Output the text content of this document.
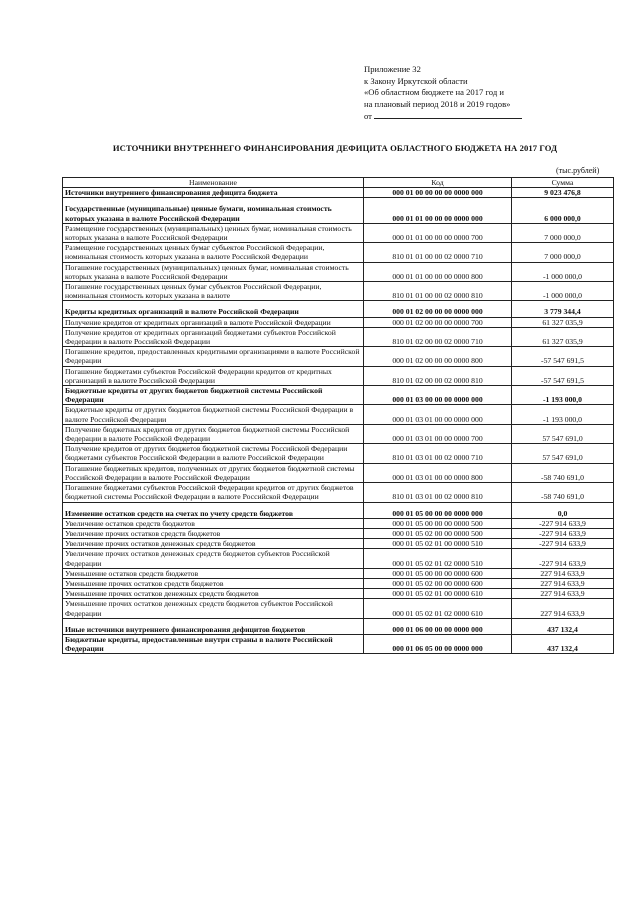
Приложение 32
к Закону Иркутской области
«Об областном бюджете на 2017 год и
на плановый период 2018 и 2019 годов»
от
ИСТОЧНИКИ ВНУТРЕННЕГО ФИНАНСИРОВАНИЯ ДЕФИЦИТА ОБЛАСТНОГО БЮДЖЕТА НА 2017 ГОД
(тыс.рублей)
Наименование	Код	Сумма
Источники внутреннего финансирования дефицита бюджета	000 01 00 00 00 00 0000 000	9 023 476,8
Государственные (муниципальные) ценные бумаги, номинальная стоимость которых указана в валюте Российской Федерации	000 01 01 00 00 00 0000 000	6 000 000,0
Размещение государственных (муниципальных) ценных бумаг, номинальная стоимость которых указана в валюте Российской Федерации	000 01 01 00 00 00 0000 700	7 000 000,0
Размещение государственных ценных бумаг субъектов Российской Федерации, номинальная стоимость которых указана в валюте Российской Федерации	810 01 01 00 00 02 0000 710	7 000 000,0
Погашение государственных (муниципальных) ценных бумаг, номинальная стоимость которых указана в валюте Российской Федерации	000 01 01 00 00 00 0000 800	-1 000 000,0
Погашение государственных ценных бумаг субъектов Российской Федерации, номинальная стоимость которых указана в валюте	810 01 01 00 00 02 0000 810	-1 000 000,0
Кредиты кредитных организаций в валюте Российской Федерации	000 01 02 00 00 00 0000 000	3 779 344,4
Получение кредитов от кредитных организаций в валюте Российской Федерации	000 01 02 00 00 00 0000 700	61 327 035,9
Получение кредитов от кредитных организаций бюджетами субъектов Российской Федерации в валюте Российской Федерации	810 01 02 00 00 02 0000 710	61 327 035,9
Погашение кредитов, предоставленных кредитными организациями в валюте Российской Федерации	000 01 02 00 00 00 0000 800	-57 547 691,5
Погашение бюджетами субъектов Российской Федерации кредитов от кредитных организаций в валюте Российской Федерации	810 01 02 00 00 02 0000 810	-57 547 691,5
Бюджетные кредиты от других бюджетов бюджетной системы Российской Федерации	000 01 03 00 00 00 0000 000	-1 193 000,0
Бюджетные кредиты от других бюджетов бюджетной системы Российской Федерации в валюте Российской Федерации	000 01 03 01 00 00 0000 000	-1 193 000,0
Получение бюджетных кредитов от других бюджетов бюджетной системы Российской Федерации в валюте Российской Федерации	000 01 03 01 00 00 0000 700	57 547 691,0
Получение кредитов от других бюджетов бюджетной системы Российской Федерации бюджетами субъектов Российской Федерации в валюте Российской Федерации	810 01 03 01 00 02 0000 710	57 547 691,0
Погашение бюджетных кредитов, полученных от других бюджетов бюджетной системы Российской Федерации в валюте Российской Федерации	000 01 03 01 00 00 0000 800	-58 740 691,0
Погашение бюджетами субъектов Российской Федерации кредитов от других бюджетов бюджетной системы Российской Федерации в валюте Российской Федерации	810 01 03 01 00 02 0000 810	-58 740 691,0
Изменение остатков средств на счетах по учету средств бюджетов	000 01 05 00 00 00 0000 000	0,0
Увеличение остатков средств бюджетов	000 01 05 00 00 00 0000 500	-227 914 633,9
Увеличение прочих остатков средств бюджетов	000 01 05 02 00 00 0000 500	-227 914 633,9
Увеличение прочих остатков денежных средств бюджетов	000 01 05 02 01 00 0000 510	-227 914 633,9
Увеличение прочих остатков денежных средств бюджетов субъектов Российской Федерации	000 01 05 02 01 02 0000 510	-227 914 633,9
Уменьшение остатков средств бюджетов	000 01 05 00 00 00 0000 600	227 914 633,9
Уменьшение прочих остатков средств бюджетов	000 01 05 02 00 00 0000 600	227 914 633,9
Уменьшение прочих остатков денежных средств бюджетов	000 01 05 02 01 00 0000 610	227 914 633,9
Уменьшение прочих остатков денежных средств бюджетов субъектов Российской Федерации	000 01 05 02 01 02 0000 610	227 914 633,9
Иные источники внутреннего финансирования дефицитов бюджетов	000 01 06 00 00 00 0000 000	437 132,4
Бюджетные кредиты, предоставленные внутри страны в валюте Российской Федерации	000 01 06 05 00 00 0000 000	437 132,4
